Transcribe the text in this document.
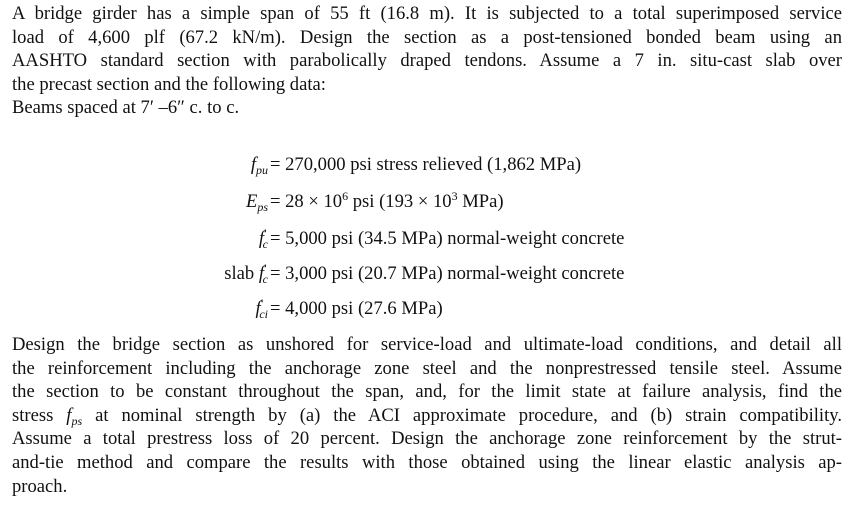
A bridge girder has a simple span of 55 ft (16.8 m). It is subjected to a total superimposed service
load of 4,600 plf (67.2 kN/m). Design the section as a post-tensioned bonded beam using an
AASHTO standard section with parabolically draped tendons. Assume a 7 in. situ-cast slab over
the precast section and the following data:
Beams spaced at 7′ –6″ c. to c.
$f_{pu} = 270,000$ psi stress relieved (1,862 MPa)
$E_{ps} = 28 \times 10^6$ psi ($193 \times 10^3$ MPa)
$f'_c = 5,000$ psi (34.5 MPa) normal-weight concrete
slab $f'_c = 3,000$ psi (20.7 MPa) normal-weight concrete
$f'_{ci} = 4,000$ psi (27.6 MPa)
Design the bridge section as unshored for service-load and ultimate-load conditions, and detail all
the reinforcement including the anchorage zone steel and the nonprestressed tensile steel. Assume
the section to be constant throughout the span, and, for the limit state at failure analysis, find the
stress $f_{ps}$ at nominal strength by (a) the ACI approximate procedure, and (b) strain compatibility.
Assume a total prestress loss of 20 percent. Design the anchorage zone reinforcement by the strut-
and-tie method and compare the results with those obtained using the linear elastic analysis ap-
proach.
